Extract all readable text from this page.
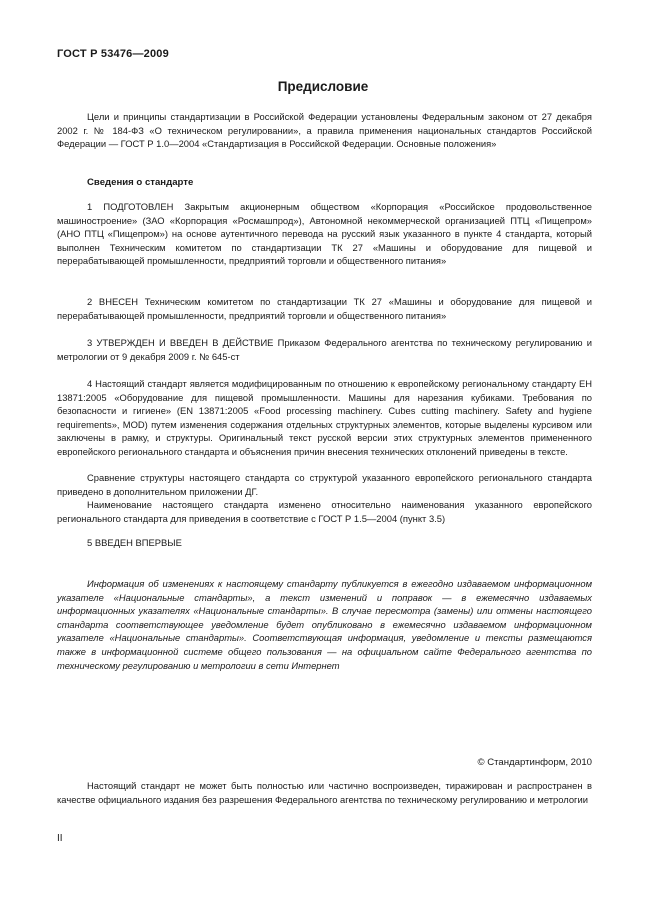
ГОСТ Р 53476—2009
Предисловие

Цели и принципы стандартизации в Российской Федерации установлены Федеральным законом от 27 декабря 2002 г. № 184-ФЗ «О техническом регулировании», а правила применения национальных стандартов Российской Федерации — ГОСТ Р 1.0—2004 «Стандартизация в Российской Федерации. Основные положения»

Сведения о стандарте

1 ПОДГОТОВЛЕН Закрытым акционерным обществом «Корпорация «Российское продовольственное машиностроение» (ЗАО «Корпорация «Росмашпрод»), Автономной некоммерческой организацией ПТЦ «Пищепром» (АНО ПТЦ «Пищепром») на основе аутентичного перевода на русский язык указанного в пункте 4 стандарта, который выполнен Техническим комитетом по стандартизации ТК 27 «Машины и оборудование для пищевой и перерабатывающей промышленности, предприятий торговли и общественного питания»

2 ВНЕСЕН Техническим комитетом по стандартизации ТК 27 «Машины и оборудование для пищевой и перерабатывающей промышленности, предприятий торговли и общественного питания»

3 УТВЕРЖДЕН И ВВЕДЕН В ДЕЙСТВИЕ Приказом Федерального агентства по техническому регулированию и метрологии от 9 декабря 2009 г. № 645-ст

4 Настоящий стандарт является модифицированным по отношению к европейскому региональному стандарту ЕН 13871:2005 «Оборудование для пищевой промышленности. Машины для нарезания кубиками. Требования по безопасности и гигиене» (EN 13871:2005 «Food processing machinery. Cubes cutting machinery. Safety and hygiene requirements», MOD) путем изменения содержания отдельных структурных элементов, которые выделены курсивом или заключены в рамку, и структуры. Оригинальный текст русской версии этих структурных элементов примененного европейского регионального стандарта и объяснения причин внесения технических отклонений приведены в тексте.

Сравнение структуры настоящего стандарта со структурой указанного европейского регионального стандарта приведено в дополнительном приложении ДГ.

Наименование настоящего стандарта изменено относительно наименования указанного европейского регионального стандарта для приведения в соответствие с ГОСТ Р 1.5—2004 (пункт 3.5)

5 ВВЕДЕН ВПЕРВЫЕ

Информация об изменениях к настоящему стандарту публикуется в ежегодно издаваемом информационном указателе «Национальные стандарты», а текст изменений и поправок — в ежемесячно издаваемых информационных указателях «Национальные стандарты». В случае пересмотра (замены) или отмены настоящего стандарта соответствующее уведомление будет опубликовано в ежемесячно издаваемом информационном указателе «Национальные стандарты». Соответствующая информация, уведомление и тексты размещаются также в информационной системе общего пользования — на официальном сайте Федерального агентства по техническому регулированию и метрологии в сети Интернет

© Стандартинформ, 2010

Настоящий стандарт не может быть полностью или частично воспроизведен, тиражирован и распространен в качестве официального издания без разрешения Федерального агентства по техническому регулированию и метрологии

II
